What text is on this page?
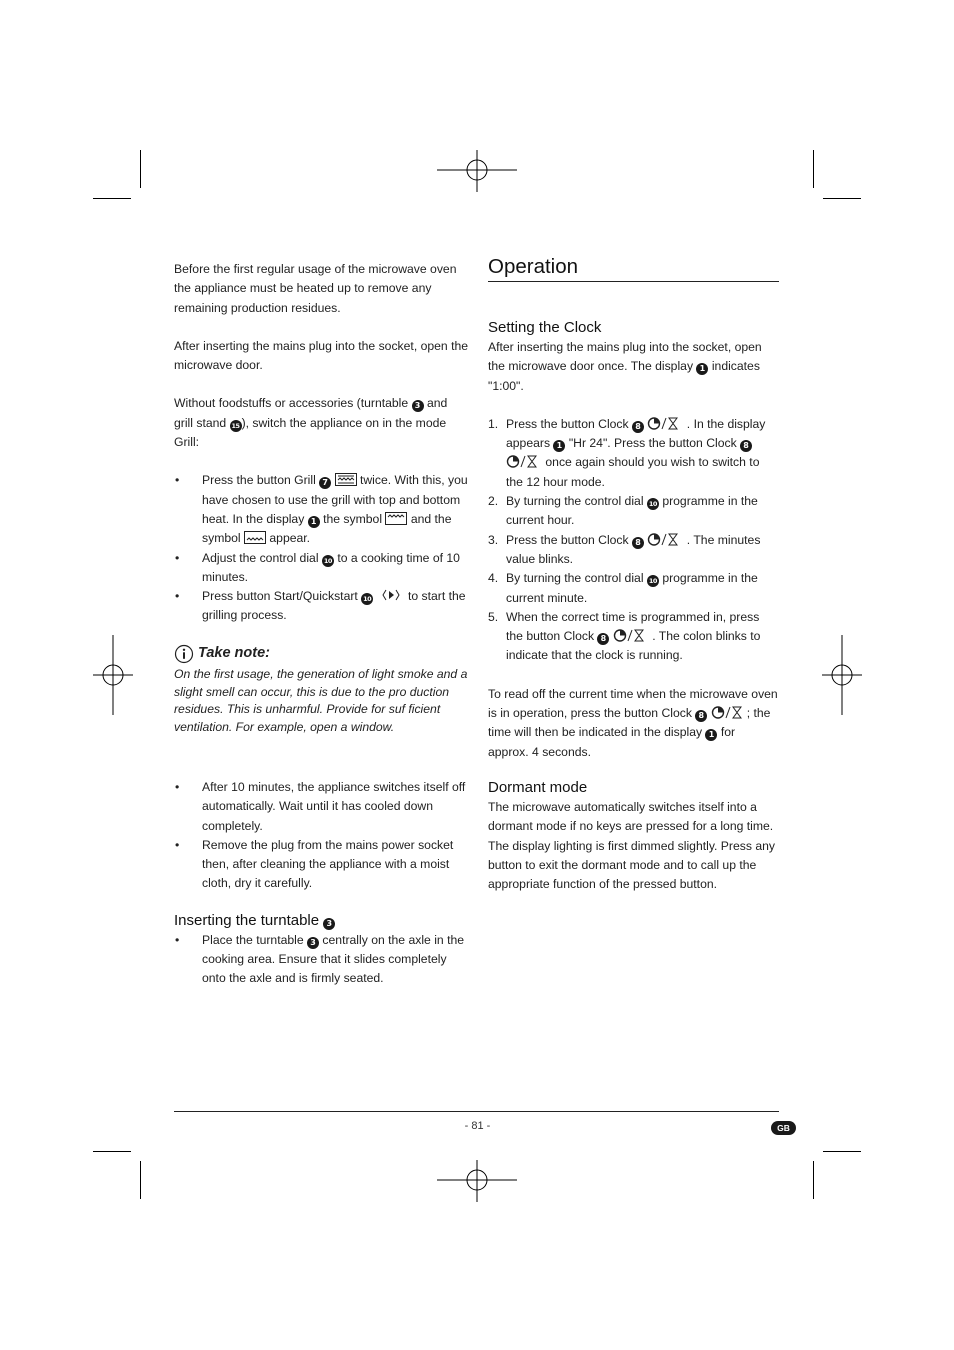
Before the first regular usage of the microwave oven the appliance must be heated up to remove any remaining production residues.

After inserting the mains plug into the socket, open the microwave door.

Without foodstuffs or accessories (turntable 3 and grill stand 15 ), switch the appliance on in the mode Grill:

• Press the button Grill 7	twice. With this, you have chosen to use the grill with top and bottom heat. In the display 1 the symbol and the symbol appear.
• Adjust the control dial 10 to a cooking time of 10 minutes.
• Press button Start/Quickstart 10	to start the grilling process.
Take note:

On the first usage, the generation of light smoke and a slight smell can occur, this is due to the pro duction residues. This is unharmful. Provide for suf ficient ventilation. For example, open a window.

• After 10 minutes, the appliance switches itself off automatically. Wait until it has cooled down completely.
• Remove the plug from the mains power socket then, after cleaning the appliance with a moist cloth, dry it carefully.
Inserting the turntable 3
• Place the turntable 3 centrally on the axle in the cooking area. Ensure that it slides completely onto the axle and is firmly seated.
Operation
Setting the Clock

After inserting the mains plug into the socket, open the microwave door once. The display 1 indicates "1:00".

1. Press the button Clock 8	. In the display appears 1 "Hr 24". Press the button Clock 8  once again should you wish to switch to the 12 hour mode.
2. By turning the control dial 10 programme in the current hour.
3. Press the button Clock 8	. The minutes value blinks.
4. By turning the control dial 10 programme in the current minute.
5. When the correct time is programmed in, press the button Clock 8	. The colon blinks to indicate that the clock is running.

To read off the current time when the microwave oven is in operation, press the button Clock 8	; the time will then be indicated in the display 1 for approx. 4 seconds.

Dormant mode

The microwave automatically switches itself into a dormant mode if no keys are pressed for a long time. The display lighting is first dimmed slightly. Press any button to exit the dormant mode and to call up the appropriate function of the pressed button.

- 81 -	GB
